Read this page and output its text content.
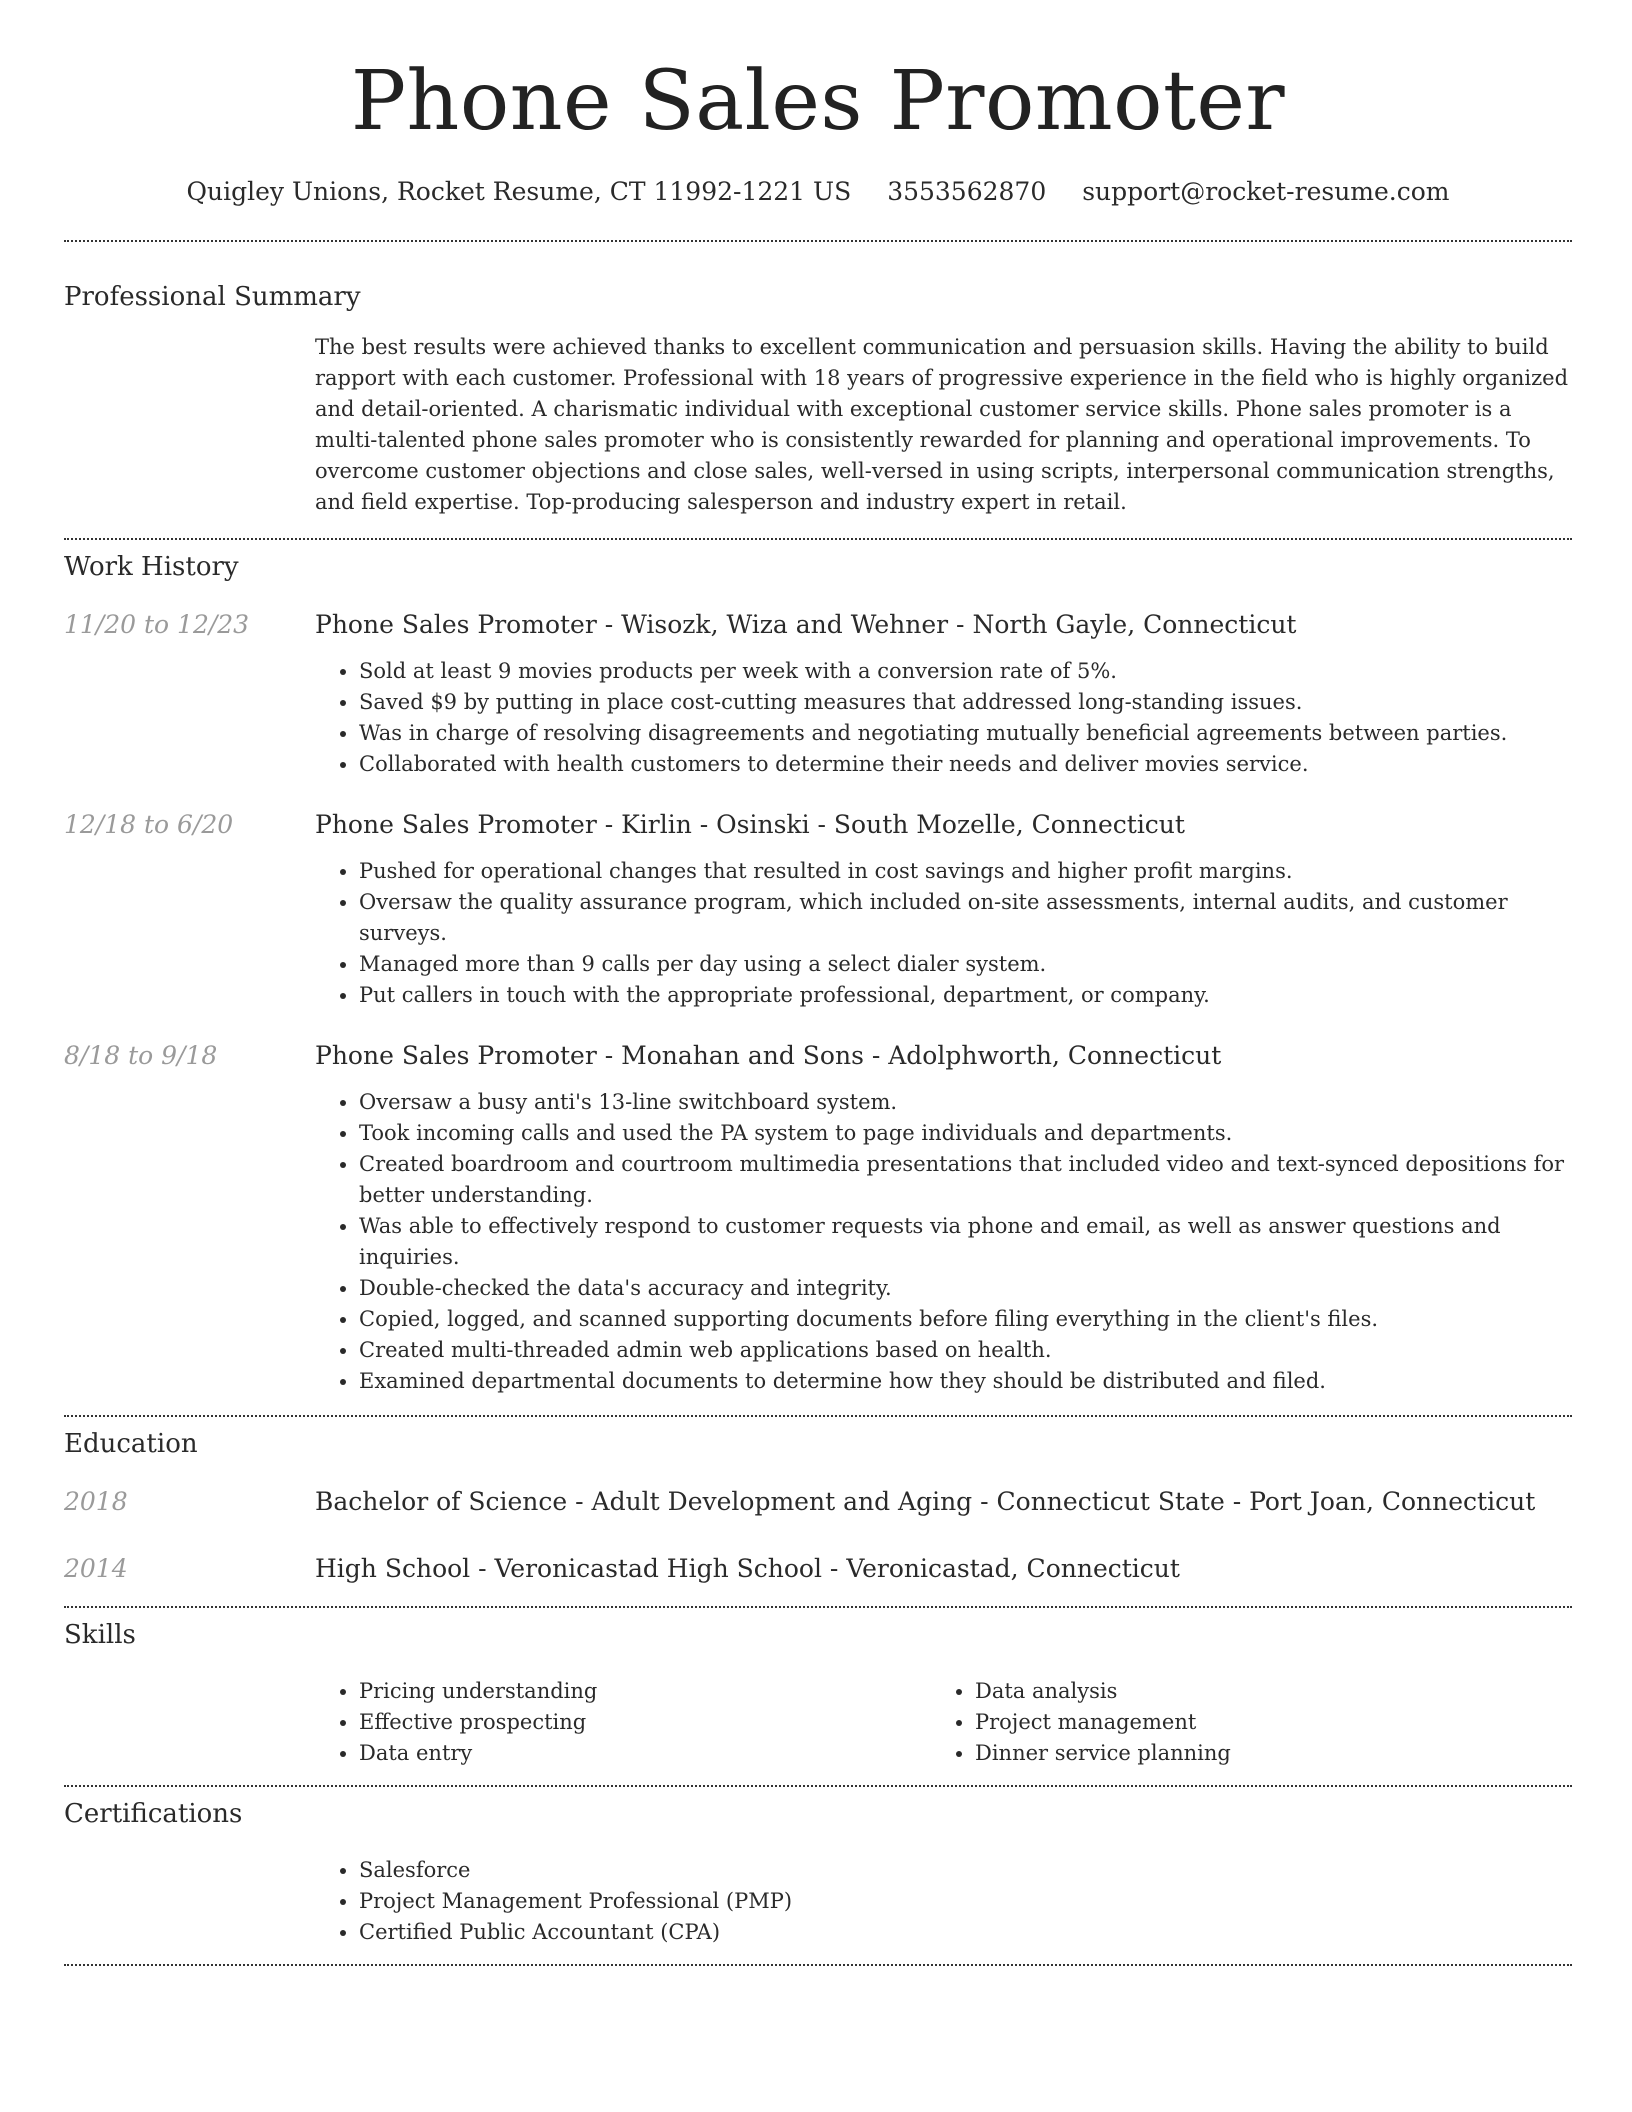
Phone Sales Promoter
Quigley Unions, Rocket Resume, CT 11992-1221 US 3553562870 support@rocket-resume.com
Professional Summary
The best results were achieved thanks to excellent communication and persuasion skills. Having the ability to build rapport with each customer. Professional with 18 years of progressive experience in the field who is highly organized and detail-oriented. A charismatic individual with exceptional customer service skills. Phone sales promoter is a multi-talented phone sales promoter who is consistently rewarded for planning and operational improvements. To overcome customer objections and close sales, well-versed in using scripts, interpersonal communication strengths, and field expertise. Top-producing salesperson and industry expert in retail.
Work History
11/20 to 12/23	Phone Sales Promoter - Wisozk, Wiza and Wehner - North Gayle, Connecticut
• Sold at least 9 movies products per week with a conversion rate of 5%.
• Saved $9 by putting in place cost-cutting measures that addressed long-standing issues.
• Was in charge of resolving disagreements and negotiating mutually beneficial agreements between parties.
• Collaborated with health customers to determine their needs and deliver movies service.
12/18 to 6/20	Phone Sales Promoter - Kirlin - Osinski - South Mozelle, Connecticut
• Pushed for operational changes that resulted in cost savings and higher profit margins.
• Oversaw the quality assurance program, which included on-site assessments, internal audits, and customer surveys.
• Managed more than 9 calls per day using a select dialer system.
• Put callers in touch with the appropriate professional, department, or company.
8/18 to 9/18	Phone Sales Promoter - Monahan and Sons - Adolphworth, Connecticut
• Oversaw a busy anti's 13-line switchboard system.
• Took incoming calls and used the PA system to page individuals and departments.
• Created boardroom and courtroom multimedia presentations that included video and text-synced depositions for better understanding.
• Was able to effectively respond to customer requests via phone and email, as well as answer questions and inquiries.
• Double-checked the data's accuracy and integrity.
• Copied, logged, and scanned supporting documents before filing everything in the client's files.
• Created multi-threaded admin web applications based on health.
• Examined departmental documents to determine how they should be distributed and filed.
Education
2018	Bachelor of Science - Adult Development and Aging - Connecticut State - Port Joan, Connecticut
2014	High School - Veronicastad High School - Veronicastad, Connecticut
Skills
• Pricing understanding
• Effective prospecting
• Data entry
• Data analysis
• Project management
• Dinner service planning
Certifications
• Salesforce
• Project Management Professional (PMP)
• Certified Public Accountant (CPA)
